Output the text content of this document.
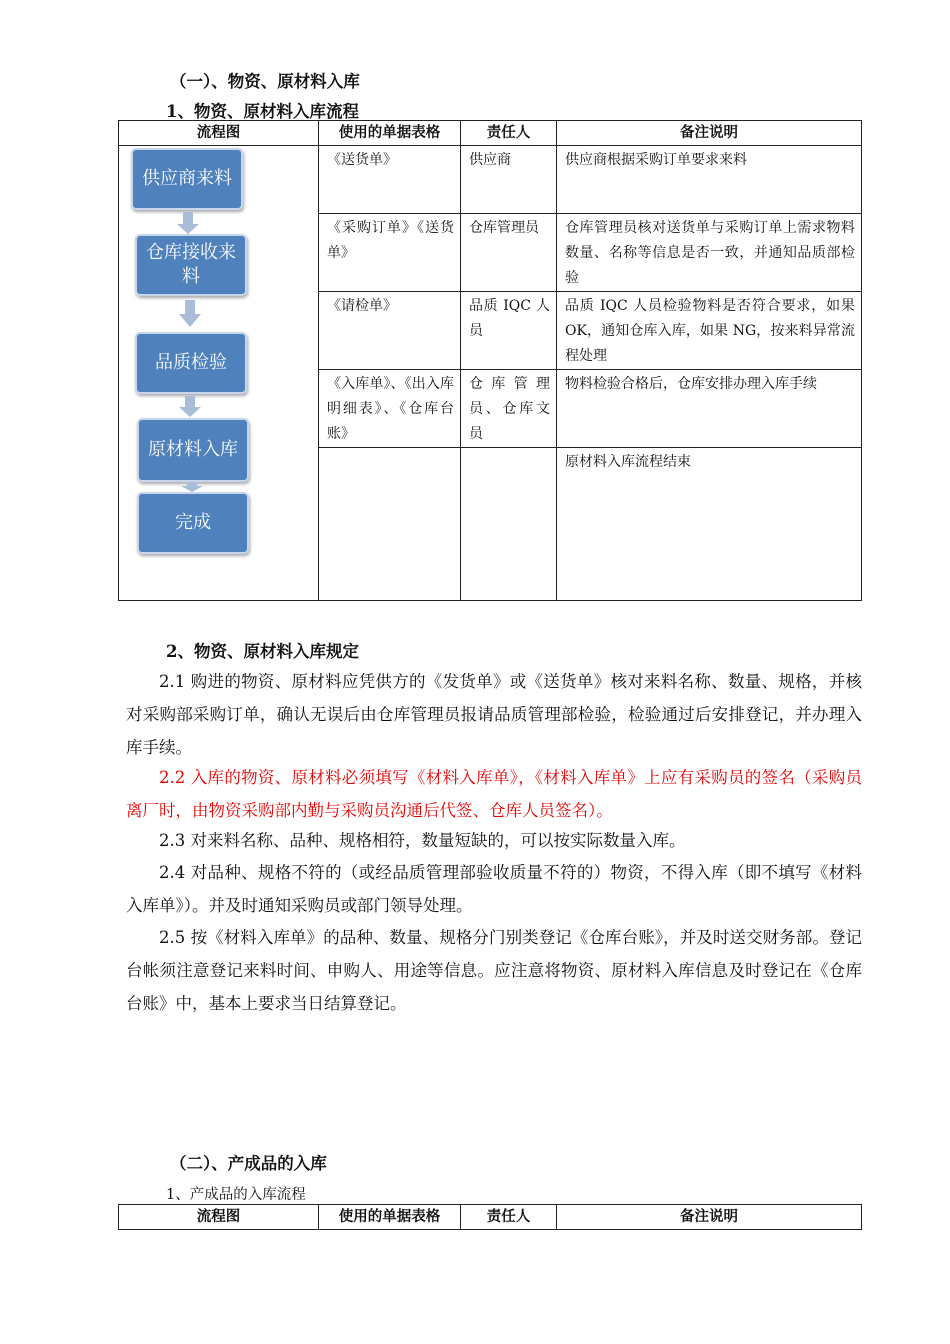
（一）、物资、原材料入库
1、物资、原材料入库流程
流程图	使用的单据表格	责任人	备注说明

供应商来料
仓库接收来料
品质检验
原材料入库
完成	《送货单》	供应商	供应商根据采购订单要求来料
	《采购订单》《送货单》	仓库管理员	仓库管理员核对送货单与采购订单上需求物料数量、名称等信息是否一致，并通知品质部检验
	《请检单》	品质 IQC 人员	品质 IQC 人员检验物料是否符合要求，如果 OK，通知仓库入库，如果 NG，按来料异常流程处理
	《入库单》、《出入库明细表》、《仓库台账》	仓库管理员、仓库文员	物料检验合格后，仓库安排办理入库手续
			原材料入库流程结束
2、物资、原材料入库规定
2.1 购进的物资、原材料应凭供方的《发货单》或《送货单》核对来料名称、数量、规格，并核对采购部采购订单，确认无误后由仓库管理员报请品质管理部检验，检验通过后安排登记，并办理入库手续。
2.2 入库的物资、原材料必须填写《材料入库单》，《材料入库单》上应有采购员的签名（采购员离厂时，由物资采购部内勤与采购员沟通后代签、仓库人员签名）。
2.3 对来料名称、品种、规格相符，数量短缺的，可以按实际数量入库。
2.4 对品种、规格不符的（或经品质管理部验收质量不符的）物资，不得入库（即不填写《材料入库单》）。并及时通知采购员或部门领导处理。
2.5 按《材料入库单》的品种、数量、规格分门别类登记《仓库台账》，并及时送交财务部。登记台帐须注意登记来料时间、申购人、用途等信息。应注意将物资、原材料入库信息及时登记在《仓库台账》中，基本上要求当日结算登记。
（二）、产成品的入库
1、产成品的入库流程
流程图	使用的单据表格	责任人	备注说明
